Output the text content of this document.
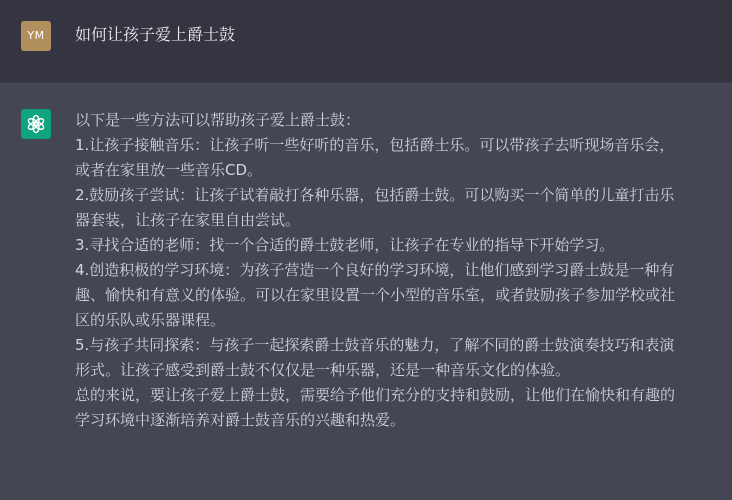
YM	如何让孩子爱上爵士鼓
以下是一些方法可以帮助孩子爱上爵士鼓：
1.让孩子接触音乐：让孩子听一些好听的音乐，包括爵士乐。可以带孩子去听现场音乐会，
或者在家里放一些音乐CD。
2.鼓励孩子尝试：让孩子试着敲打各种乐器，包括爵士鼓。可以购买一个简单的儿童打击乐
器套装，让孩子在家里自由尝试。
3.寻找合适的老师：找一个合适的爵士鼓老师，让孩子在专业的指导下开始学习。
4.创造积极的学习环境：为孩子营造一个良好的学习环境，让他们感到学习爵士鼓是一种有
趣、愉快和有意义的体验。可以在家里设置一个小型的音乐室，或者鼓励孩子参加学校或社
区的乐队或乐器课程。
5.与孩子共同探索：与孩子一起探索爵士鼓音乐的魅力，了解不同的爵士鼓演奏技巧和表演
形式。让孩子感受到爵士鼓不仅仅是一种乐器，还是一种音乐文化的体验。
总的来说，要让孩子爱上爵士鼓，需要给予他们充分的支持和鼓励，让他们在愉快和有趣的
学习环境中逐渐培养对爵士鼓音乐的兴趣和热爱。
